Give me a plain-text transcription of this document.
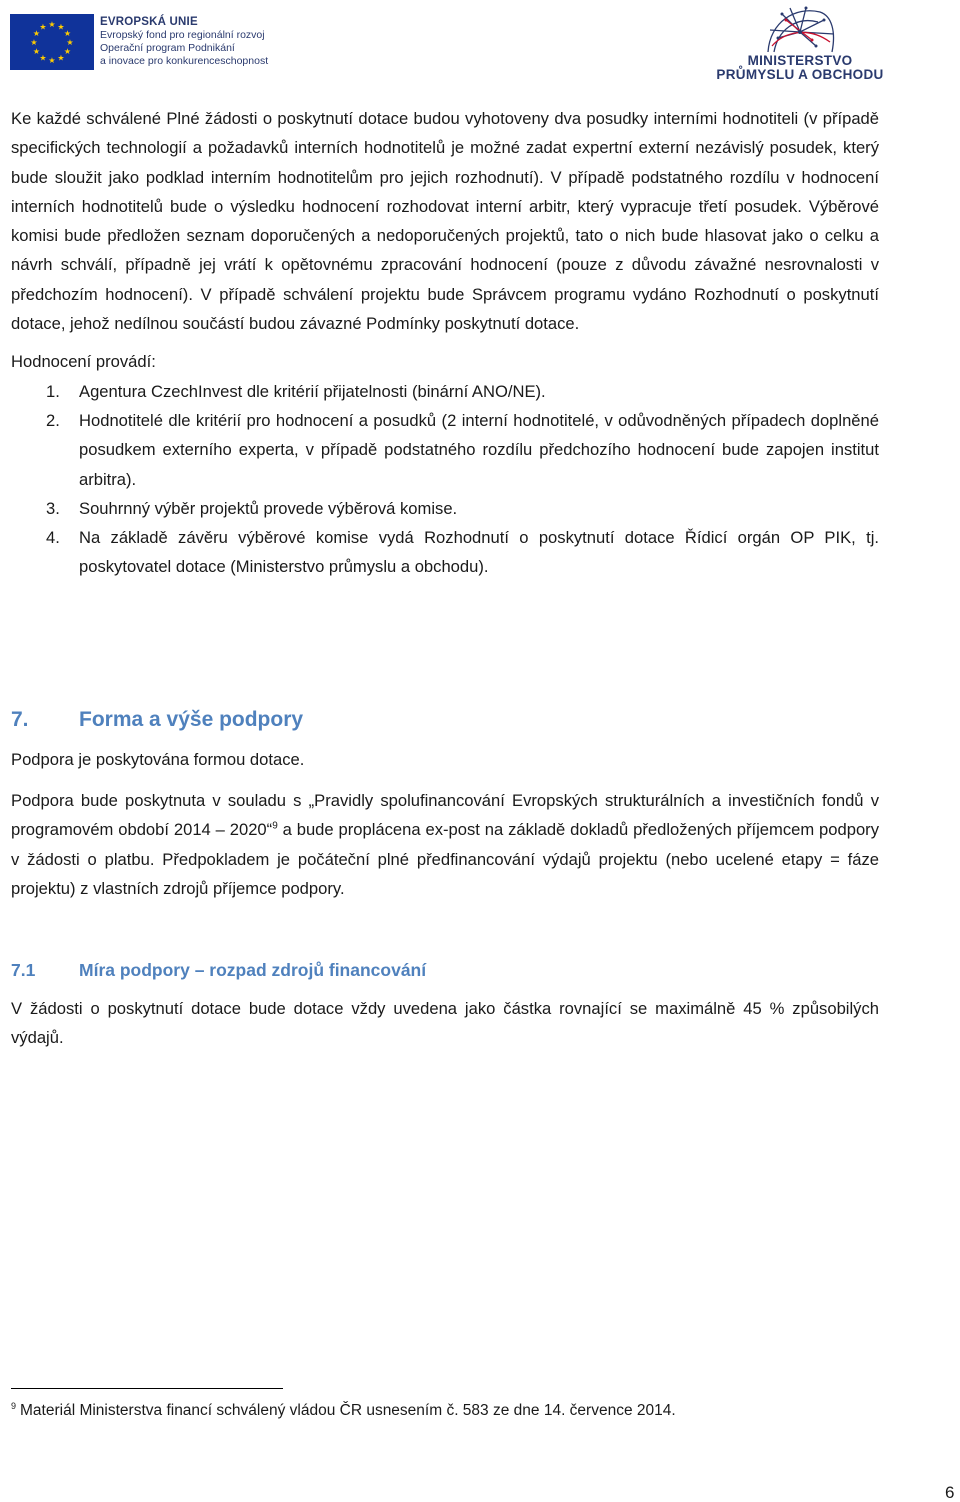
★ ★
★
★
★
★
★
★
★
★
★
★	EVROPSKÁ UNIE
Evropský fond pro regionální rozvoj
Operační program Podnikání
a inovace pro konkurenceschopnost	MINISTERSTVO
PRŮMYSLU A OBCHODU

Ke každé schválené Plné žádosti o poskytnutí dotace budou vyhotoveny dva posudky interními hodnotiteli (v případě specifických technologií a požadavků interních hodnotitelů je možné zadat expertní externí nezávislý posudek, který bude sloužit jako podklad interním hodnotitelům pro jejich rozhodnutí). V případě podstatného rozdílu v hodnocení interních hodnotitelů bude o výsledku hodnocení rozhodovat interní arbitr, který vypracuje třetí posudek. Výběrové komisi bude předložen seznam doporučených a nedoporučených projektů, tato o nich bude hlasovat jako o celku a návrh schválí, případně jej vrátí k opětovnému zpracování hodnocení (pouze z důvodu závažné nesrovnalosti v předchozím hodnocení). V případě schválení projektu bude Správcem programu vydáno Rozhodnutí o poskytnutí dotace, jehož nedílnou součástí budou závazné Podmínky poskytnutí dotace.

Hodnocení provádí:

1. Agentura CzechInvest dle kritérií přijatelnosti (binární ANO/NE).
2. Hodnotitelé dle kritérií pro hodnocení a posudků (2 interní hodnotitelé, v odůvodněných případech doplněné posudkem externího experta, v případě podstatného rozdílu předchozího hodnocení bude zapojen institut arbitra).
3. Souhrnný výběr projektů provede výběrová komise.
4. Na základě závěru výběrové komise vydá Rozhodnutí o poskytnutí dotace Řídicí orgán OP PIK, tj. poskytovatel dotace (Ministerstvo průmyslu a obchodu).
7. Forma a výše podpory

Podpora je poskytována formou dotace.

Podpora bude poskytnuta v souladu s „Pravidly spolufinancování Evropských strukturálních a investičních fondů v programovém období 2014 – 2020“$^9$ a bude proplácena ex-post na základě dokladů předložených příjemcem podpory v žádosti o platbu. Předpokladem je počáteční plné předfinancování výdajů projektu (nebo ucelené etapy = fáze projektu) z vlastních zdrojů příjemce podpory.

7.1 Míra podpory – rozpad zdrojů financování

V žádosti o poskytnutí dotace bude dotace vždy uvedena jako částka rovnající se maximálně 45 % způsobilých výdajů.

$^9$ Materiál Ministerstva financí schválený vládou ČR usnesením č. 583 ze dne 14. července 2014.
6
